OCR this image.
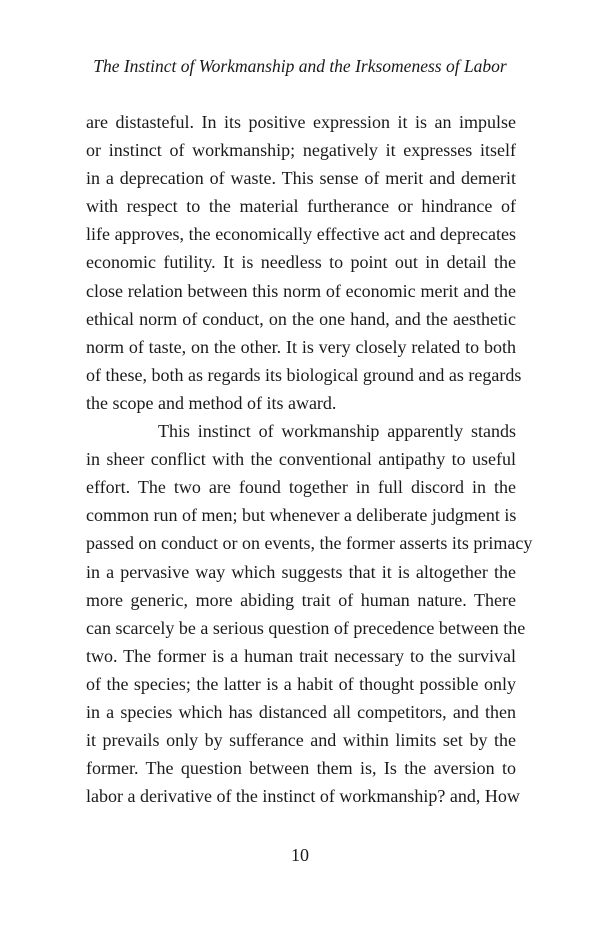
The Instinct of Workmanship and the Irksomeness of Labor
are distasteful. In its positive expression it is an impulse
or instinct of workmanship; negatively it expresses itself
in a deprecation of waste. This sense of merit and demerit
with respect to the material furtherance or hindrance of
life approves, the economically effective act and deprecates
economic futility. It is needless to point out in detail the
close relation between this norm of economic merit and the
ethical norm of conduct, on the one hand, and the aesthetic
norm of taste, on the other. It is very closely related to both
of these, both as regards its biological ground and as regards
the scope and method of its award.
This instinct of workmanship apparently stands
in sheer conflict with the conventional antipathy to useful
effort. The two are found together in full discord in the
common run of men; but whenever a deliberate judgment is
passed on conduct or on events, the former asserts its primacy
in a pervasive way which suggests that it is altogether the
more generic, more abiding trait of human nature. There
can scarcely be a serious question of precedence between the
two. The former is a human trait necessary to the survival
of the species; the latter is a habit of thought possible only
in a species which has distanced all competitors, and then
it prevails only by sufferance and within limits set by the
former. The question between them is, Is the aversion to
labor a derivative of the instinct of workmanship? and, How
10
